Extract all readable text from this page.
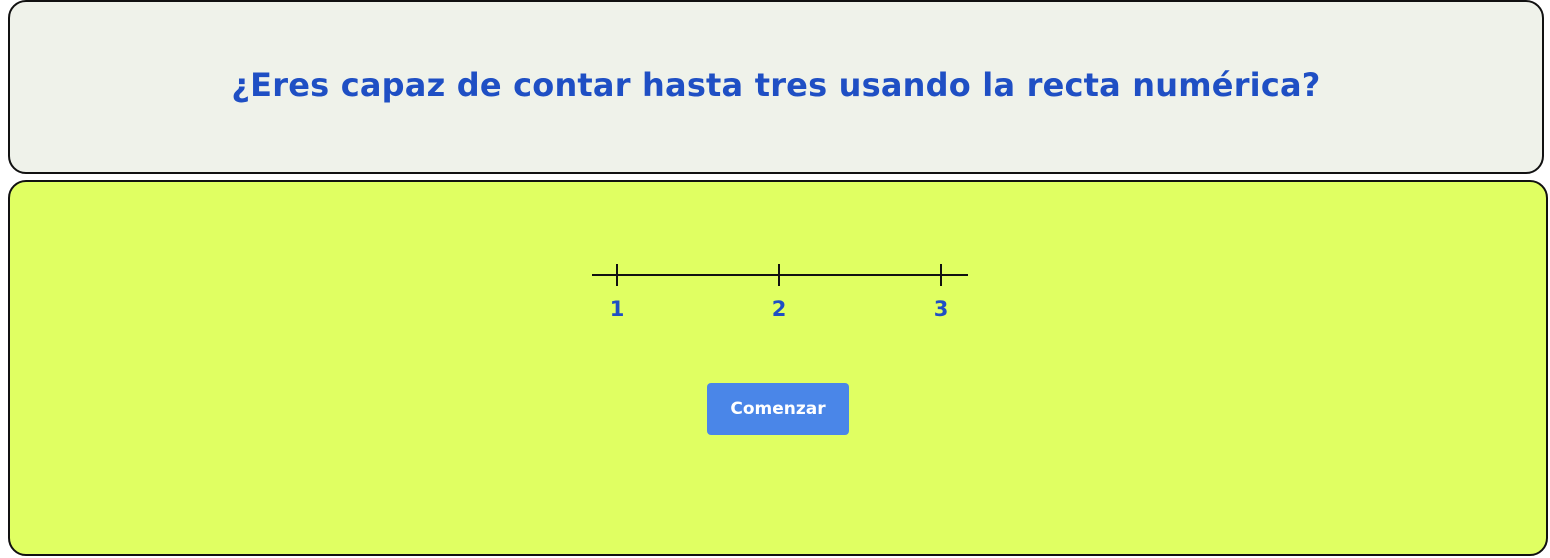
¿Eres capaz de contar hasta tres usando la recta numérica?
1	2	3
Comenzar
